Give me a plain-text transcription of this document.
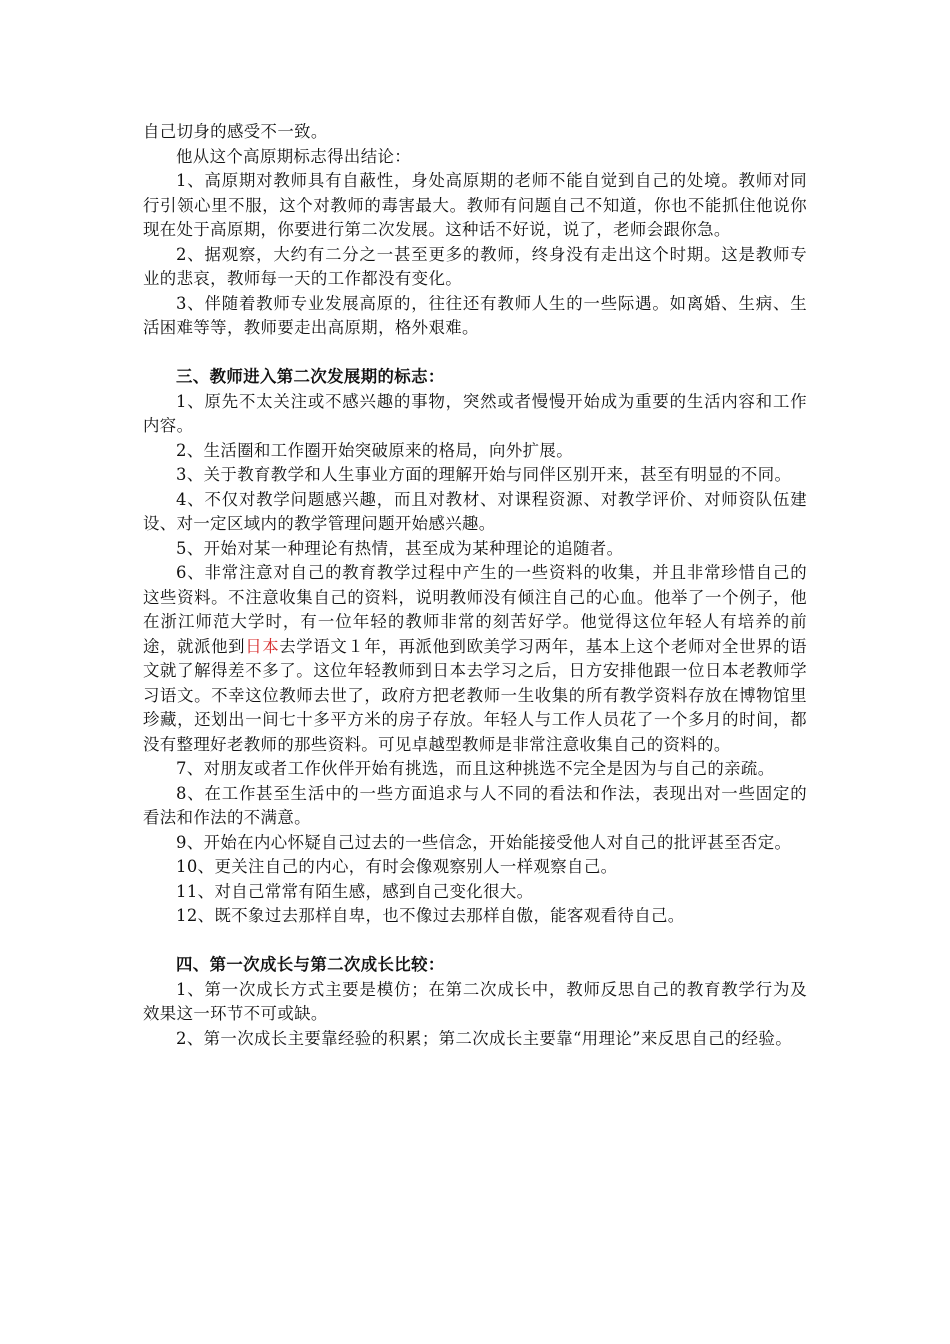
自己切身的感受不一致。

他从这个高原期标志得出结论：

1、高原期对教师具有自蔽性，身处高原期的老师不能自觉到自己的处境。教师对同行引领心里不服，这个对教师的毒害最大。教师有问题自己不知道，你也不能抓住他说你现在处于高原期，你要进行第二次发展。这种话不好说，说了，老师会跟你急。

2、据观察，大约有二分之一甚至更多的教师，终身没有走出这个时期。这是教师专业的悲哀，教师每一天的工作都没有变化。

3、伴随着教师专业发展高原的，往往还有教师人生的一些际遇。如离婚、生病、生活困难等等，教师要走出高原期，格外艰难。

三、教师进入第二次发展期的标志：

1、原先不太关注或不感兴趣的事物，突然或者慢慢开始成为重要的生活内容和工作内容。

2、生活圈和工作圈开始突破原来的格局，向外扩展。

3、关于教育教学和人生事业方面的理解开始与同伴区别开来，甚至有明显的不同。

4、不仅对教学问题感兴趣，而且对教材、对课程资源、对教学评价、对师资队伍建设、对一定区域内的教学管理问题开始感兴趣。

5、开始对某一种理论有热情，甚至成为某种理论的追随者。

6、非常注意对自己的教育教学过程中产生的一些资料的收集，并且非常珍惜自己的这些资料。不注意收集自己的资料，说明教师没有倾注自己的心血。他举了一个例子，他在浙江师范大学时，有一位年轻的教师非常的刻苦好学。他觉得这位年轻人有培养的前途，就派他到日本去学语文１年，再派他到欧美学习两年，基本上这个老师对全世界的语文就了解得差不多了。这位年轻教师到日本去学习之后，日方安排他跟一位日本老教师学习语文。不幸这位教师去世了，政府方把老教师一生收集的所有教学资料存放在博物馆里珍藏，还划出一间七十多平方米的房子存放。年轻人与工作人员花了一个多月的时间，都没有整理好老教师的那些资料。可见卓越型教师是非常注意收集自己的资料的。

7、对朋友或者工作伙伴开始有挑选，而且这种挑选不完全是因为与自己的亲疏。

8、在工作甚至生活中的一些方面追求与人不同的看法和作法，表现出对一些固定的看法和作法的不满意。

9、开始在内心怀疑自己过去的一些信念，开始能接受他人对自己的批评甚至否定。

10、更关注自己的内心，有时会像观察别人一样观察自己。

11、对自己常常有陌生感，感到自己变化很大。

12、既不象过去那样自卑，也不像过去那样自傲，能客观看待自己。

四、第一次成长与第二次成长比较：

1、第一次成长方式主要是模仿；在第二次成长中，教师反思自己的教育教学行为及效果这一环节不可或缺。

2、第一次成长主要靠经验的积累；第二次成长主要靠“用理论”来反思自己的经验。
